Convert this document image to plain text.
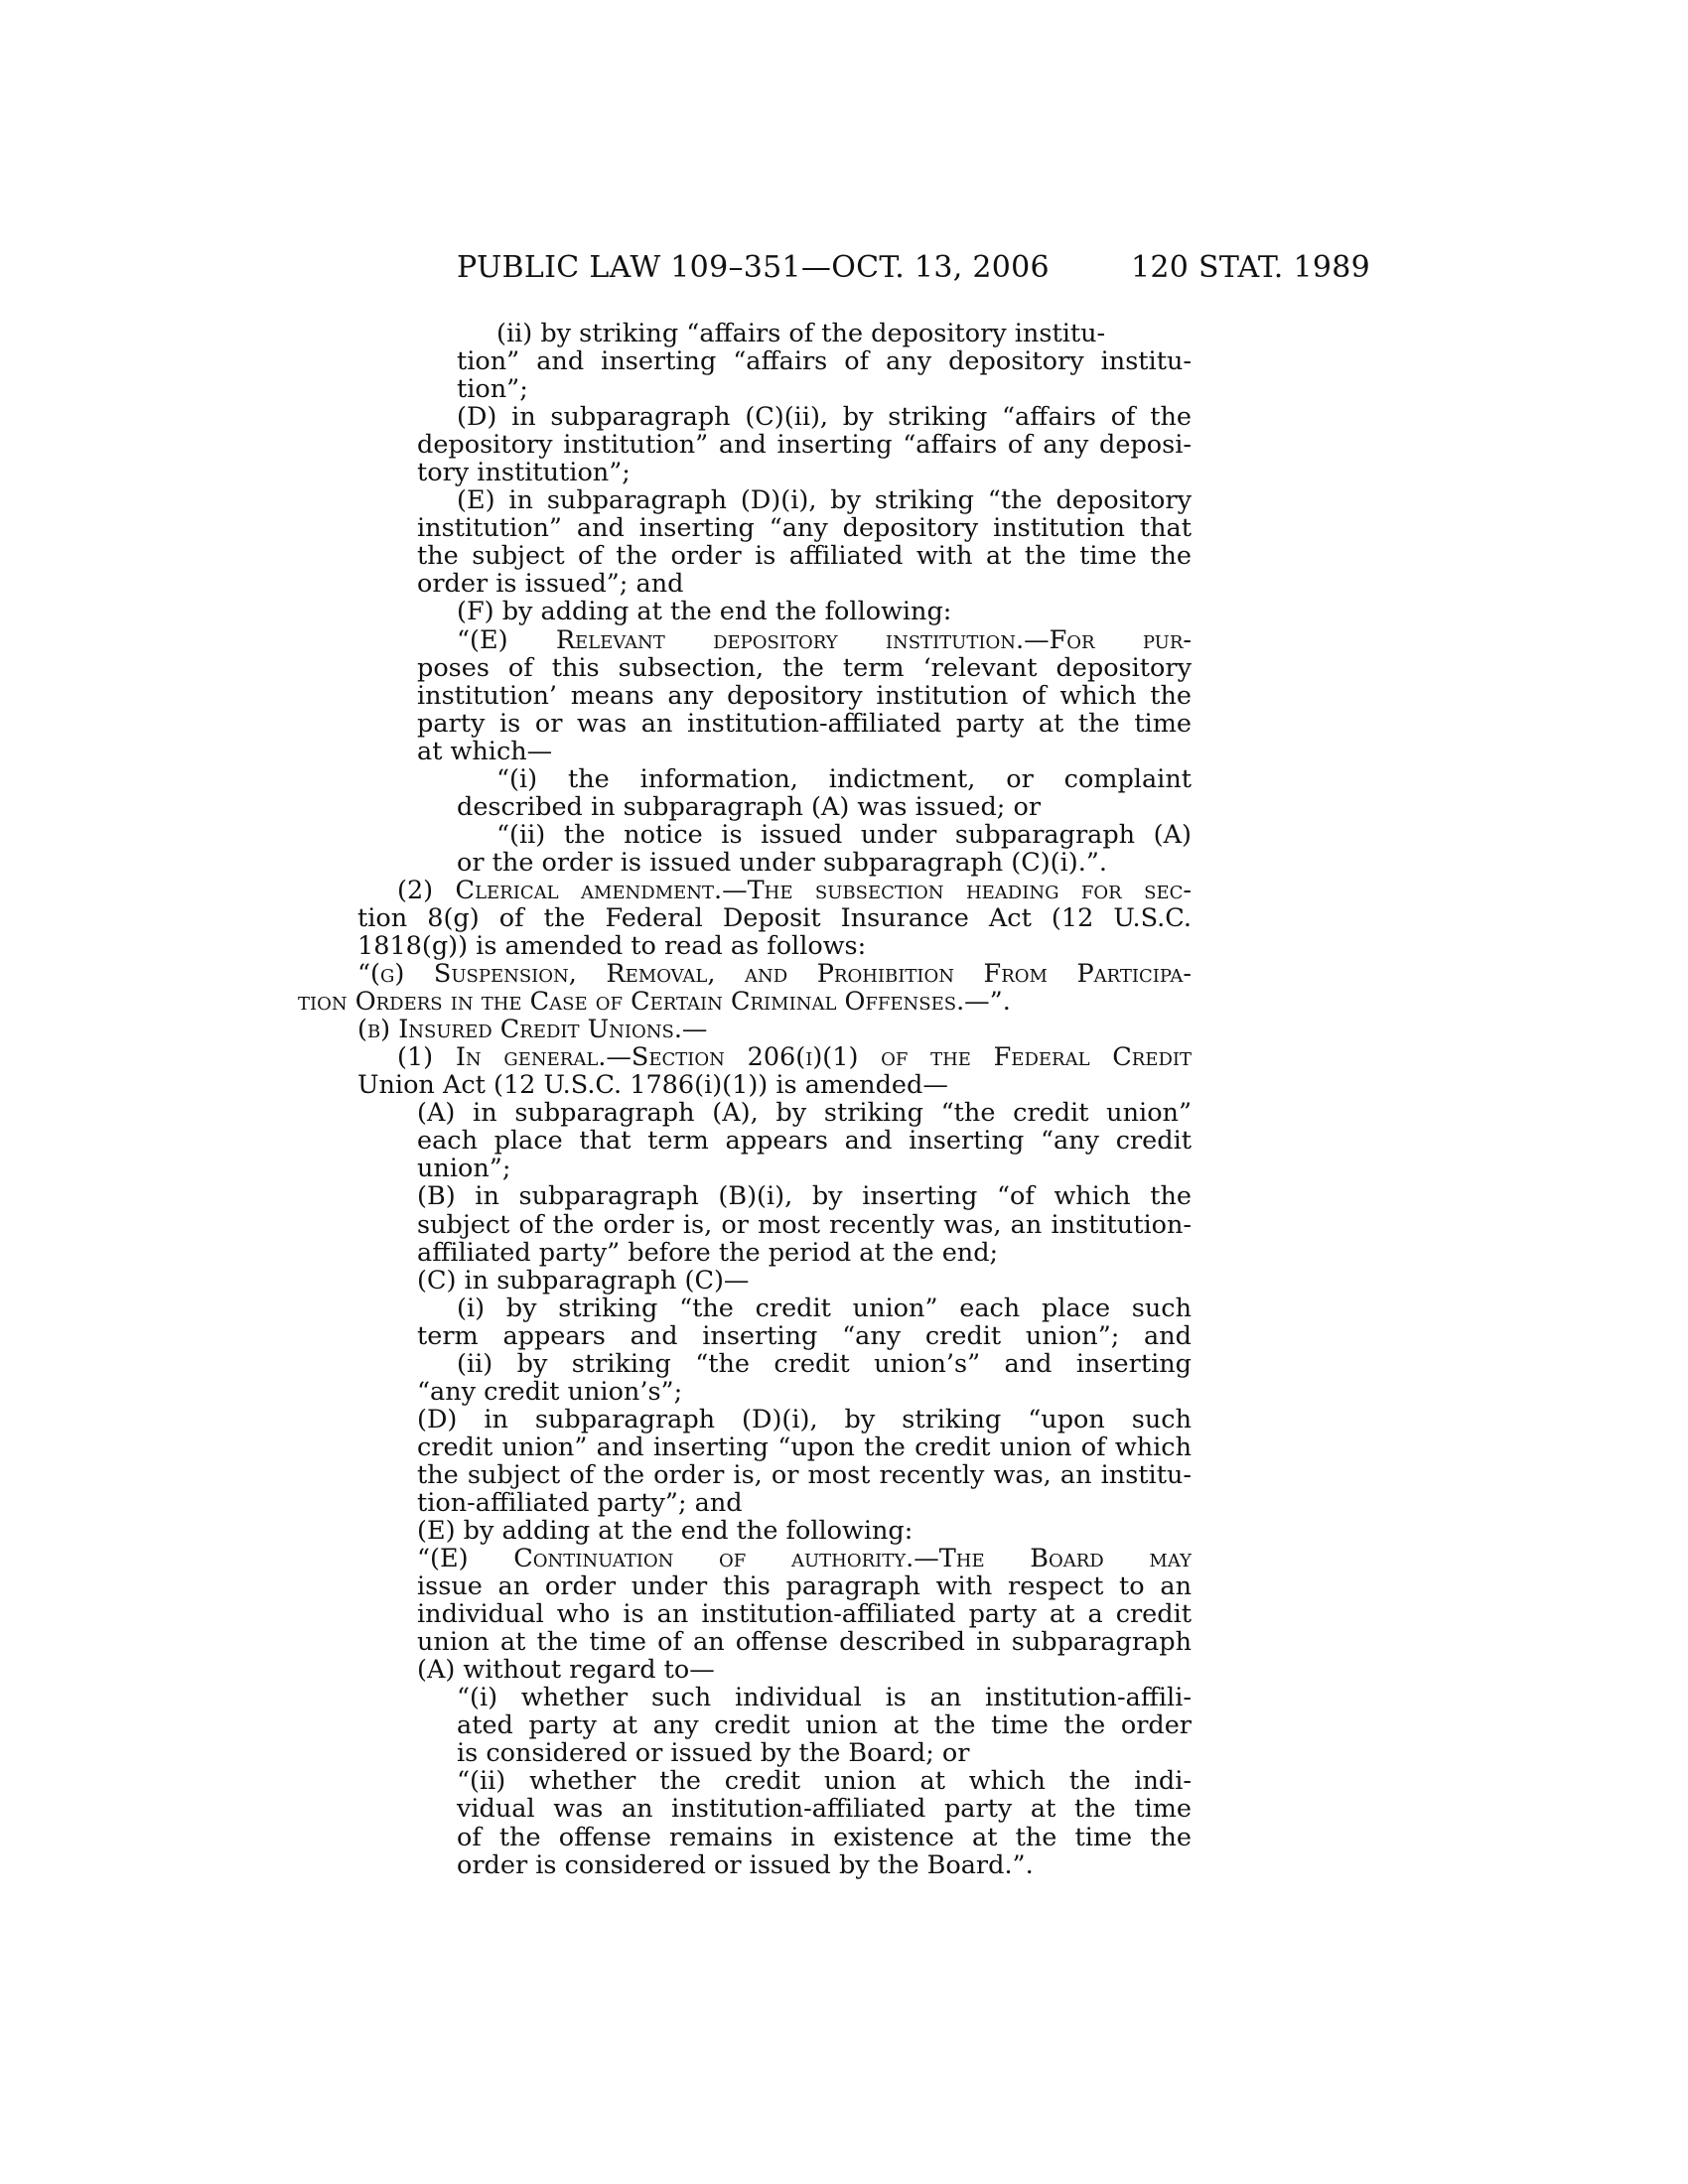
PUBLIC LAW 109–351—OCT. 13, 2006	120 STAT. 1989
(ii) by striking “affairs of the depository institu-
tion” and inserting “affairs of any depository institu-
tion”;
(D) in subparagraph (C)(ii), by striking “affairs of the
depository institution” and inserting “affairs of any deposi-
tory institution”;
(E) in subparagraph (D)(i), by striking “the depository
institution” and inserting “any depository institution that
the subject of the order is affiliated with at the time the
order is issued”; and
(F) by adding at the end the following:
“(E) Relevant depository institution.—For pur-
poses of this subsection, the term ‘relevant depository
institution’ means any depository institution of which the
party is or was an institution-affiliated party at the time
at which—
“(i) the information, indictment, or complaint
described in subparagraph (A) was issued; or
“(ii) the notice is issued under subparagraph (A)
or the order is issued under subparagraph (C)(i).”.
(2) Clerical amendment.—The subsection heading for sec-
tion 8(g) of the Federal Deposit Insurance Act (12 U.S.C.
1818(g)) is amended to read as follows:
“(g) Suspension, Removal, and Prohibition From Participa-
tion Orders in the Case of Certain Criminal Offenses.—”.
(b) Insured Credit Unions.—
(1) In general.—Section 206(i)(1) of the Federal Credit
Union Act (12 U.S.C. 1786(i)(1)) is amended—
(A) in subparagraph (A), by striking “the credit union”
each place that term appears and inserting “any credit
union”;
(B) in subparagraph (B)(i), by inserting “of which the
subject of the order is, or most recently was, an institution-
affiliated party” before the period at the end;
(C) in subparagraph (C)—
(i) by striking “the credit union” each place such
term appears and inserting “any credit union”; and
(ii) by striking “the credit union’s” and inserting
“any credit union’s”;
(D) in subparagraph (D)(i), by striking “upon such
credit union” and inserting “upon the credit union of which
the subject of the order is, or most recently was, an institu-
tion-affiliated party”; and
(E) by adding at the end the following:
“(E) Continuation of authority.—The Board may
issue an order under this paragraph with respect to an
individual who is an institution-affiliated party at a credit
union at the time of an offense described in subparagraph
(A) without regard to—
“(i) whether such individual is an institution-affili-
ated party at any credit union at the time the order
is considered or issued by the Board; or
“(ii) whether the credit union at which the indi-
vidual was an institution-affiliated party at the time
of the offense remains in existence at the time the
order is considered or issued by the Board.”.
